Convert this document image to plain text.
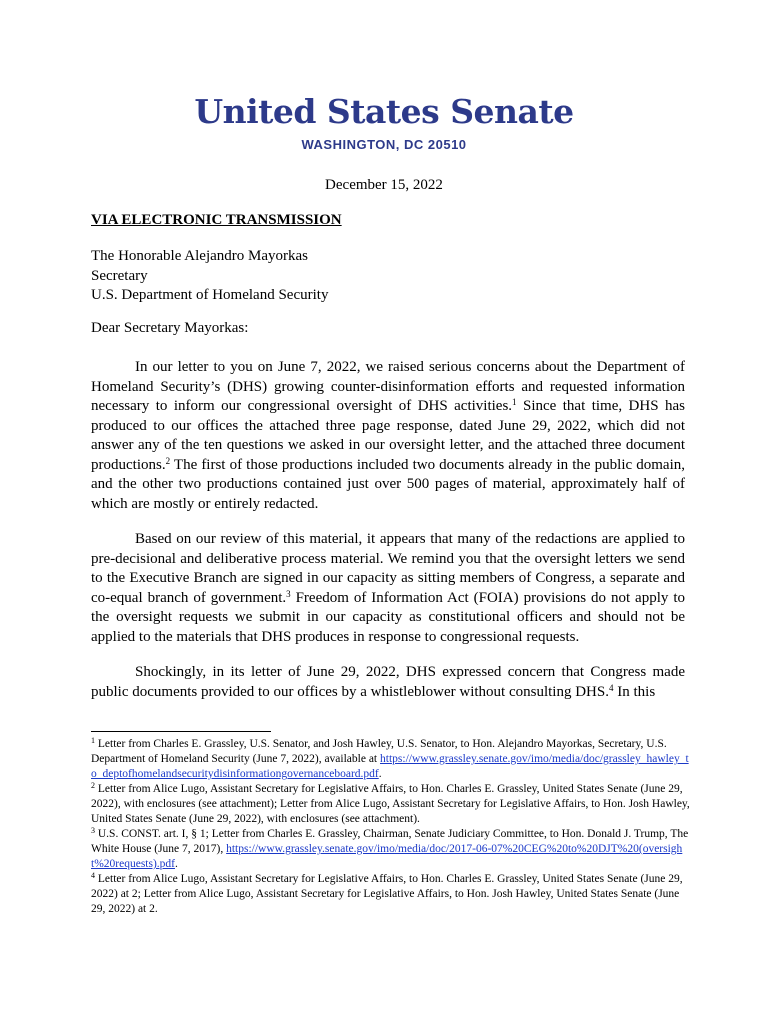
United States Senate
WASHINGTON, DC 20510
December 15, 2022
VIA ELECTRONIC TRANSMISSION
The Honorable Alejandro Mayorkas
Secretary
U.S. Department of Homeland Security
Dear Secretary Mayorkas:

In our letter to you on June 7, 2022, we raised serious concerns about the Department of Homeland Security’s (DHS) growing counter-disinformation efforts and requested information necessary to inform our congressional oversight of DHS activities.$^1$ Since that time, DHS has produced to our offices the attached three page response, dated June 29, 2022, which did not answer any of the ten questions we asked in our oversight letter, and the attached three document productions.$^2$ The first of those productions included two documents already in the public domain, and the other two productions contained just over 500 pages of material, approximately half of which are mostly or entirely redacted.

Based on our review of this material, it appears that many of the redactions are applied to pre-decisional and deliberative process material. We remind you that the oversight letters we send to the Executive Branch are signed in our capacity as sitting members of Congress, a separate and co-equal branch of government.$^3$ Freedom of Information Act (FOIA) provisions do not apply to the oversight requests we submit in our capacity as constitutional officers and should not be applied to the materials that DHS produces in response to congressional requests.

Shockingly, in its letter of June 29, 2022, DHS expressed concern that Congress made public documents provided to our offices by a whistleblower without consulting DHS.$^4$ In this

$^1$ Letter from Charles E. Grassley, U.S. Senator, and Josh Hawley, U.S. Senator, to Hon. Alejandro Mayorkas, Secretary, U.S. Department of Homeland Security (June 7, 2022), available at https://www.grassley.senate.gov/imo/media/doc/grassley_hawley_to_deptofhomelandsecuritydisinformationgovernanceboard.pdf.

$^2$ Letter from Alice Lugo, Assistant Secretary for Legislative Affairs, to Hon. Charles E. Grassley, United States Senate (June 29, 2022), with enclosures (see attachment); Letter from Alice Lugo, Assistant Secretary for Legislative Affairs, to Hon. Josh Hawley, United States Senate (June 29, 2022), with enclosures (see attachment).

$^3$ U.S. CONST. art. I, § 1; Letter from Charles E. Grassley, Chairman, Senate Judiciary Committee, to Hon. Donald J. Trump, The White House (June 7, 2017), https://www.grassley.senate.gov/imo/media/doc/2017-06-07%20CEG%20to%20DJT%20(oversight%20requests).pdf.

$^4$ Letter from Alice Lugo, Assistant Secretary for Legislative Affairs, to Hon. Charles E. Grassley, United States Senate (June 29, 2022) at 2; Letter from Alice Lugo, Assistant Secretary for Legislative Affairs, to Hon. Josh Hawley, United States Senate (June 29, 2022) at 2.
